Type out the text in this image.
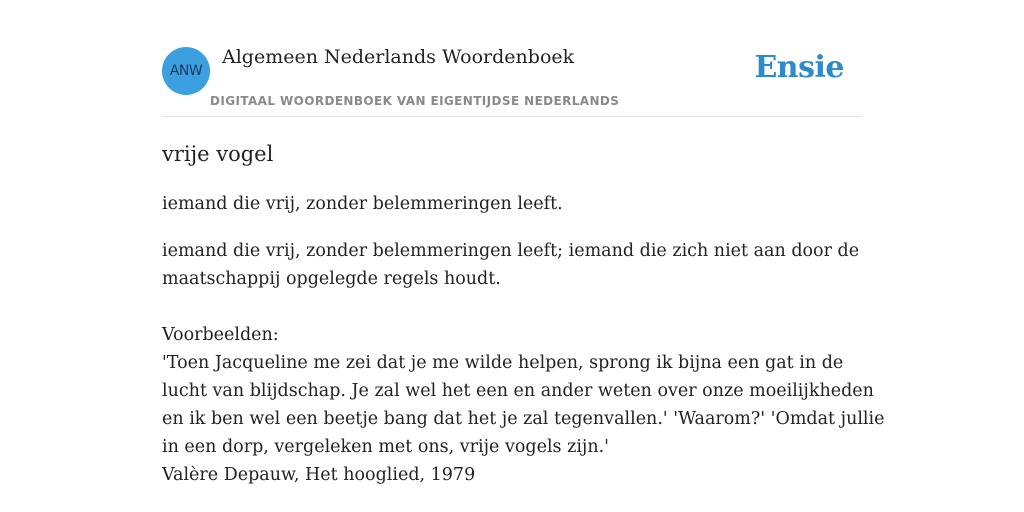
ANW
Algemeen Nederlands Woordenboek
DIGITAAL WOORDENBOEK VAN EIGENTIJDSE NEDERLANDS
Ensie
vrije vogel

iemand die vrij, zonder belemmeringen leeft.

iemand die vrij, zonder belemmeringen leeft; iemand die zich niet aan door de
maatschappij opgelegde regels houdt.
Voorbeelden:
'Toen Jacqueline me zei dat je me wilde helpen, sprong ik bijna een gat in de
lucht van blijdschap. Je zal wel het een en ander weten over onze moeilijkheden
en ik ben wel een beetje bang dat het je zal tegenvallen.' 'Waarom?' 'Omdat jullie
in een dorp, vergeleken met ons, vrije vogels zijn.'
Valère Depauw, Het hooglied, 1979
